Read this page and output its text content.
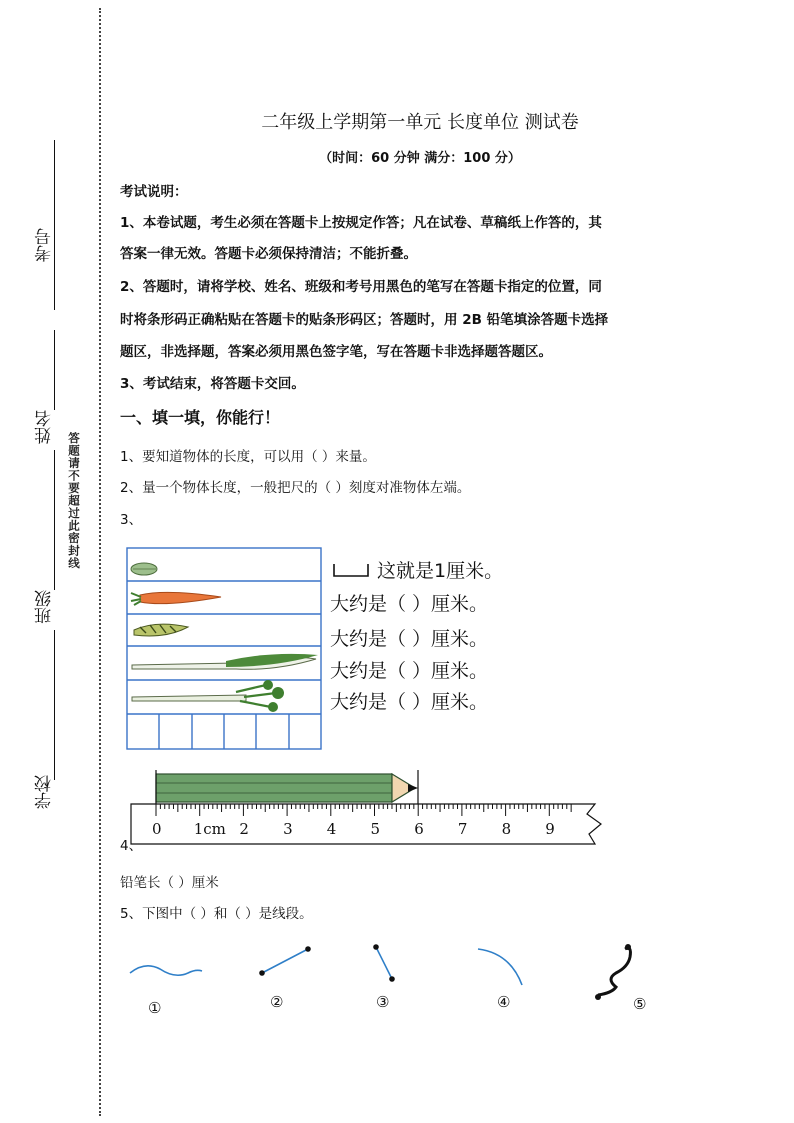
考号
姓名
班级
学校
答题请不要超过此密封线
二年级上学期第一单元 长度单位 测试卷
（时间：60 分钟 满分：100 分）
考试说明：
1、本卷试题，考生必须在答题卡上按规定作答；凡在试卷、草稿纸上作答的，其
答案一律无效。答题卡必须保持清洁；不能折叠。
2、答题时，请将学校、姓名、班级和考号用黑色的笔写在答题卡指定的位置，同
时将条形码正确粘贴在答题卡的贴条形码区；答题时，用 2B 铅笔填涂答题卡选择
题区，非选择题，答案必须用黑色签字笔，写在答题卡非选择题答题区。
3、考试结束，将答题卡交回。
一、填一填，你能行！
1、要知道物体的长度，可以用（ ）来量。
2、量一个物体长度，一般把尺的（ ）刻度对准物体左端。
3、
这就是1厘米。
大约是（ ）厘米。
大约是（ ）厘米。
大约是（ ）厘米。
大约是（ ）厘米。
0 1cm 2 3 4 5 6 7 8 9
4、
铅笔长（ ）厘米
5、下图中（ ）和（ ）是线段。
①	②	③	④	⑤
